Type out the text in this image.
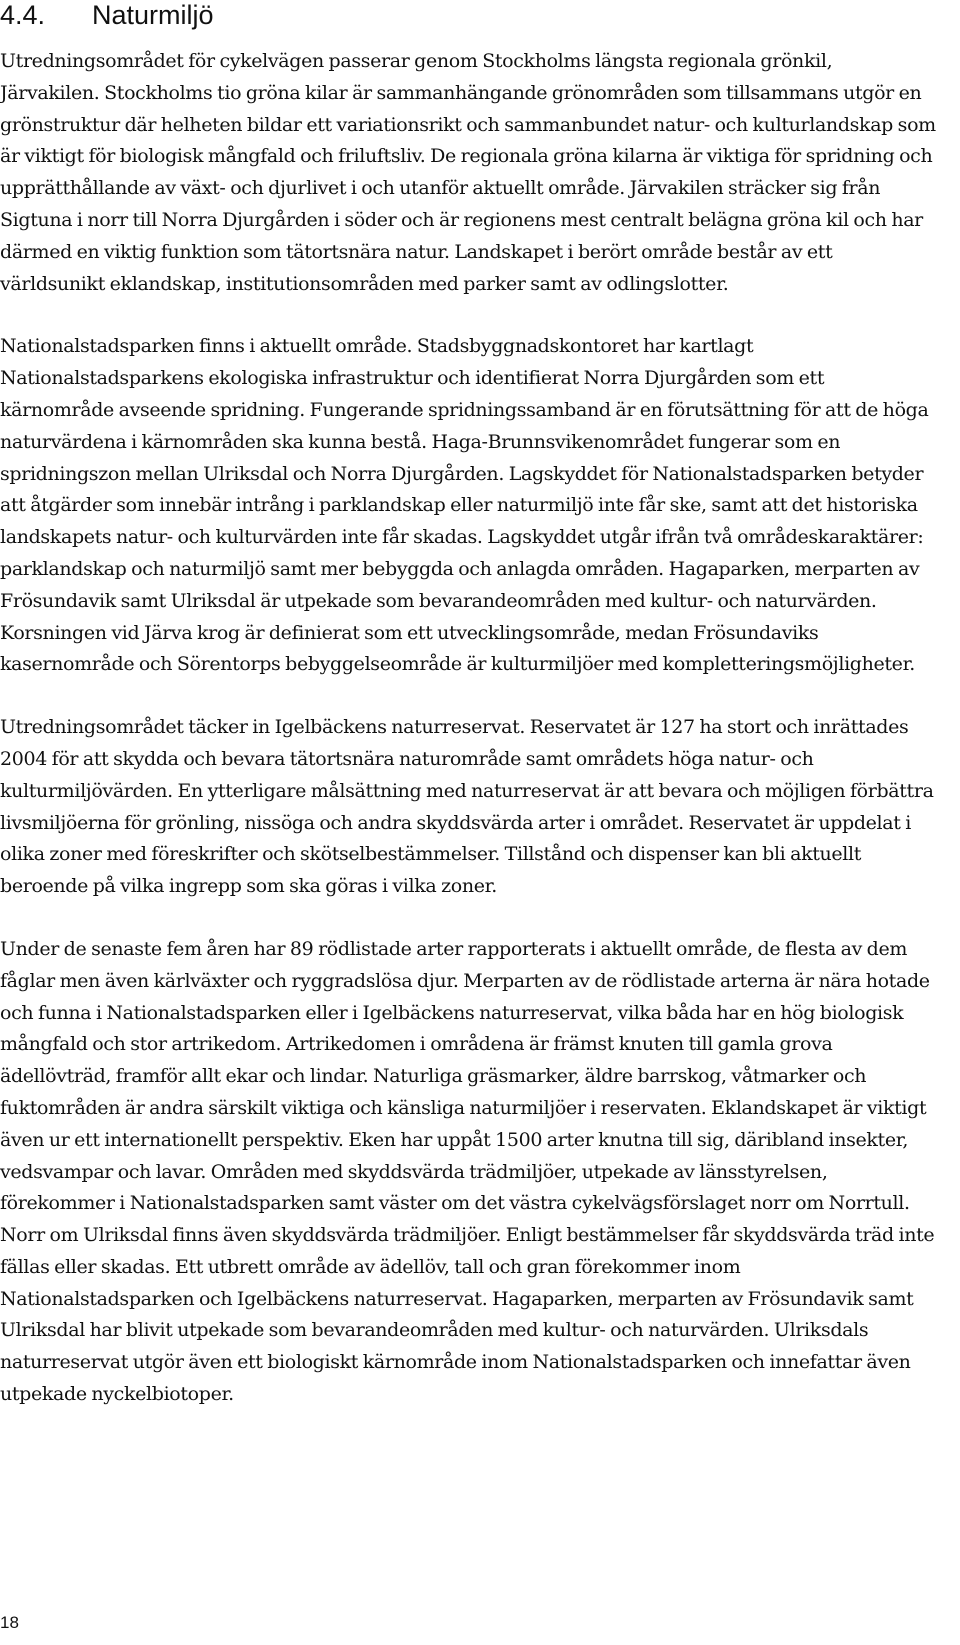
4.4. Naturmiljö

Utredningsområdet för cykelvägen passerar genom Stockholms längsta regionala grönkil, Järvakilen. Stockholms tio gröna kilar är sammanhängande grönområden som tillsammans utgör en grönstruktur där helheten bildar ett variationsrikt och sammanbundet natur- och kulturlandskap som är viktigt för biologisk mångfald och friluftsliv. De regionala gröna kilarna är viktiga för spridning och upprätthållande av växt- och djurlivet i och utanför aktuellt område. Järvakilen sträcker sig från Sigtuna i norr till Norra Djurgården i söder och är regionens mest centralt belägna gröna kil och har därmed en viktig funktion som tätortsnära natur. Landskapet i berört område består av ett världsunikt eklandskap, institutionsområden med parker samt av odlingslotter.

Nationalstadsparken finns i aktuellt område. Stadsbyggnadskontoret har kartlagt Nationalstadsparkens ekologiska infrastruktur och identifierat Norra Djurgården som ett kärnområde avseende spridning. Fungerande spridningssamband är en förutsättning för att de höga naturvärdena i kärnområden ska kunna bestå. Haga-Brunnsvikenområdet fungerar som en spridningszon mellan Ulriksdal och Norra Djurgården. Lagskyddet för Nationalstadsparken betyder att åtgärder som innebär intrång i parklandskap eller naturmiljö inte får ske, samt att det historiska landskapets natur- och kulturvärden inte får skadas. Lagskyddet utgår ifrån två områdeskaraktärer: parklandskap och naturmiljö samt mer bebyggda och anlagda områden. Hagaparken, merparten av Frösundavik samt Ulriksdal är utpekade som bevarandeområden med kultur- och naturvärden. Korsningen vid Järva krog är definierat som ett utvecklingsområde, medan Frösundaviks kasernområde och Sörentorps bebyggelseområde är kulturmiljöer med kompletteringsmöjligheter.

Utredningsområdet täcker in Igelbäckens naturreservat. Reservatet är 127 ha stort och inrättades 2004 för att skydda och bevara tätortsnära naturområde samt områdets höga natur- och kulturmiljövärden. En ytterligare målsättning med naturreservat är att bevara och möjligen förbättra livsmiljöerna för grönling, nissöga och andra skyddsvärda arter i området. Reservatet är uppdelat i olika zoner med föreskrifter och skötselbestämmelser. Tillstånd och dispenser kan bli aktuellt beroende på vilka ingrepp som ska göras i vilka zoner.

Under de senaste fem åren har 89 rödlistade arter rapporterats i aktuellt område, de flesta av dem fåglar men även kärlväxter och ryggradslösa djur. Merparten av de rödlistade arterna är nära hotade och funna i Nationalstadsparken eller i Igelbäckens naturreservat, vilka båda har en hög biologisk mångfald och stor artrikedom. Artrikedomen i områdena är främst knuten till gamla grova ädellövträd, framför allt ekar och lindar. Naturliga gräsmarker, äldre barrskog, våtmarker och fuktområden är andra särskilt viktiga och känsliga naturmiljöer i reservaten. Eklandskapet är viktigt även ur ett internationellt perspektiv. Eken har uppåt 1500 arter knutna till sig, däribland insekter, vedsvampar och lavar. Områden med skyddsvärda trädmiljöer, utpekade av länsstyrelsen, förekommer i Nationalstadsparken samt väster om det västra cykelvägsförslaget norr om Norrtull. Norr om Ulriksdal finns även skyddsvärda trädmiljöer. Enligt bestämmelser får skyddsvärda träd inte fällas eller skadas. Ett utbrett område av ädellöv, tall och gran förekommer inom Nationalstadsparken och Igelbäckens naturreservat. Hagaparken, merparten av Frösundavik samt Ulriksdal har blivit utpekade som bevarandeområden med kultur- och naturvärden. Ulriksdals naturreservat utgör även ett biologiskt kärnområde inom Nationalstadsparken och innefattar även utpekade nyckelbiotoper.

18
